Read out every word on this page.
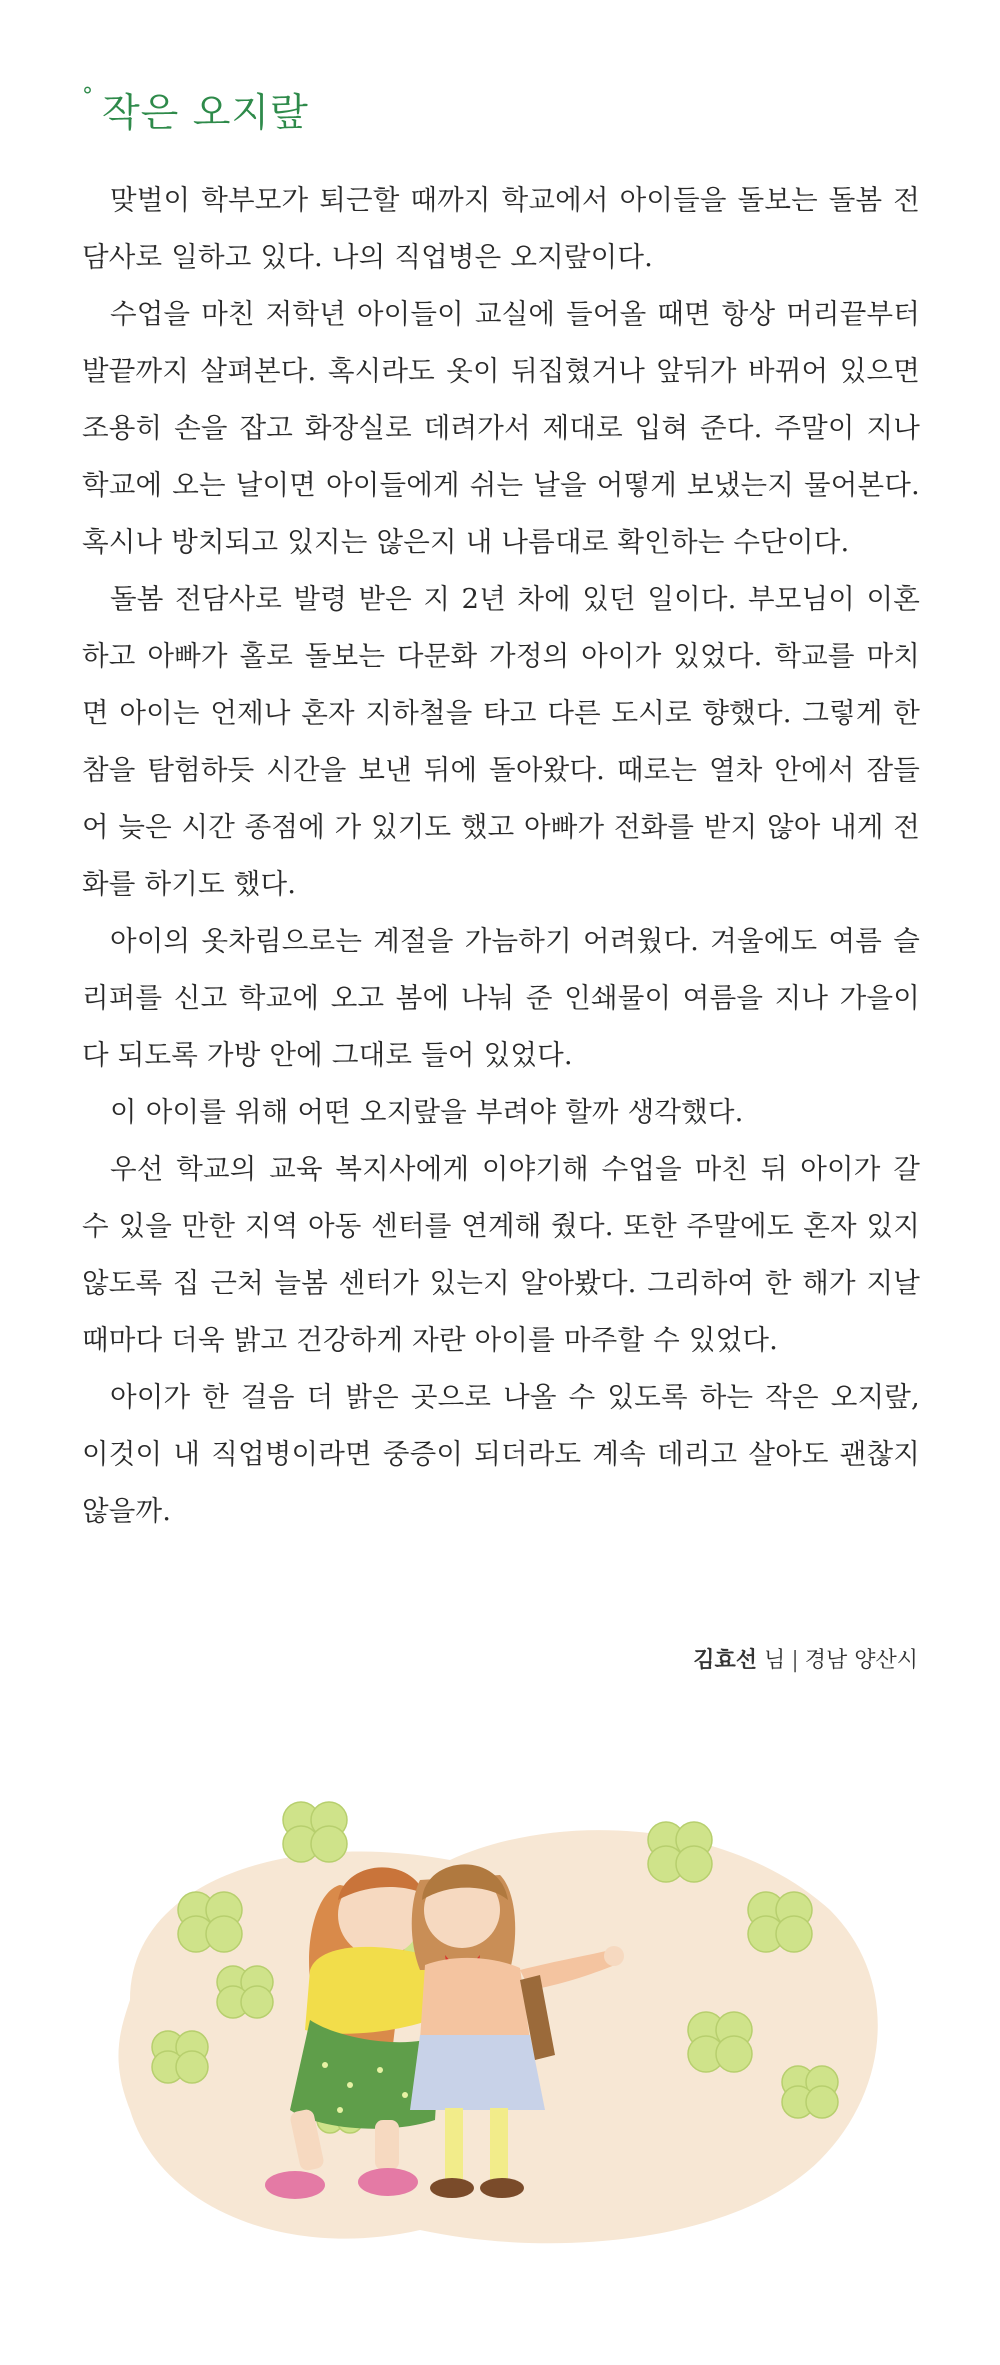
° 작은 오지랖

맞벌이 학부모가 퇴근할 때까지 학교에서 아이들을 돌보는 돌봄 전담사로 일하고 있다. 나의 직업병은 오지랖이다.

수업을 마친 저학년 아이들이 교실에 들어올 때면 항상 머리끝부터 발끝까지 살펴본다. 혹시라도 옷이 뒤집혔거나 앞뒤가 바뀌어 있으면 조용히 손을 잡고 화장실로 데려가서 제대로 입혀 준다. 주말이 지나 학교에 오는 날이면 아이들에게 쉬는 날을 어떻게 보냈는지 물어본다. 혹시나 방치되고 있지는 않은지 내 나름대로 확인하는 수단이다.

돌봄 전담사로 발령 받은 지 2년 차에 있던 일이다. 부모님이 이혼하고 아빠가 홀로 돌보는 다문화 가정의 아이가 있었다. 학교를 마치면 아이는 언제나 혼자 지하철을 타고 다른 도시로 향했다. 그렇게 한참을 탐험하듯 시간을 보낸 뒤에 돌아왔다. 때로는 열차 안에서 잠들어 늦은 시간 종점에 가 있기도 했고 아빠가 전화를 받지 않아 내게 전화를 하기도 했다.

아이의 옷차림으로는 계절을 가늠하기 어려웠다. 겨울에도 여름 슬리퍼를 신고 학교에 오고 봄에 나눠 준 인쇄물이 여름을 지나 가을이 다 되도록 가방 안에 그대로 들어 있었다.

이 아이를 위해 어떤 오지랖을 부려야 할까 생각했다.

우선 학교의 교육 복지사에게 이야기해 수업을 마친 뒤 아이가 갈 수 있을 만한 지역 아동 센터를 연계해 줬다. 또한 주말에도 혼자 있지 않도록 집 근처 늘봄 센터가 있는지 알아봤다. 그리하여 한 해가 지날 때마다 더욱 밝고 건강하게 자란 아이를 마주할 수 있었다.

아이가 한 걸음 더 밝은 곳으로 나올 수 있도록 하는 작은 오지랖, 이것이 내 직업병이라면 중증이 되더라도 계속 데리고 살아도 괜찮지 않을까.

김효선 님 | 경남 양산시
